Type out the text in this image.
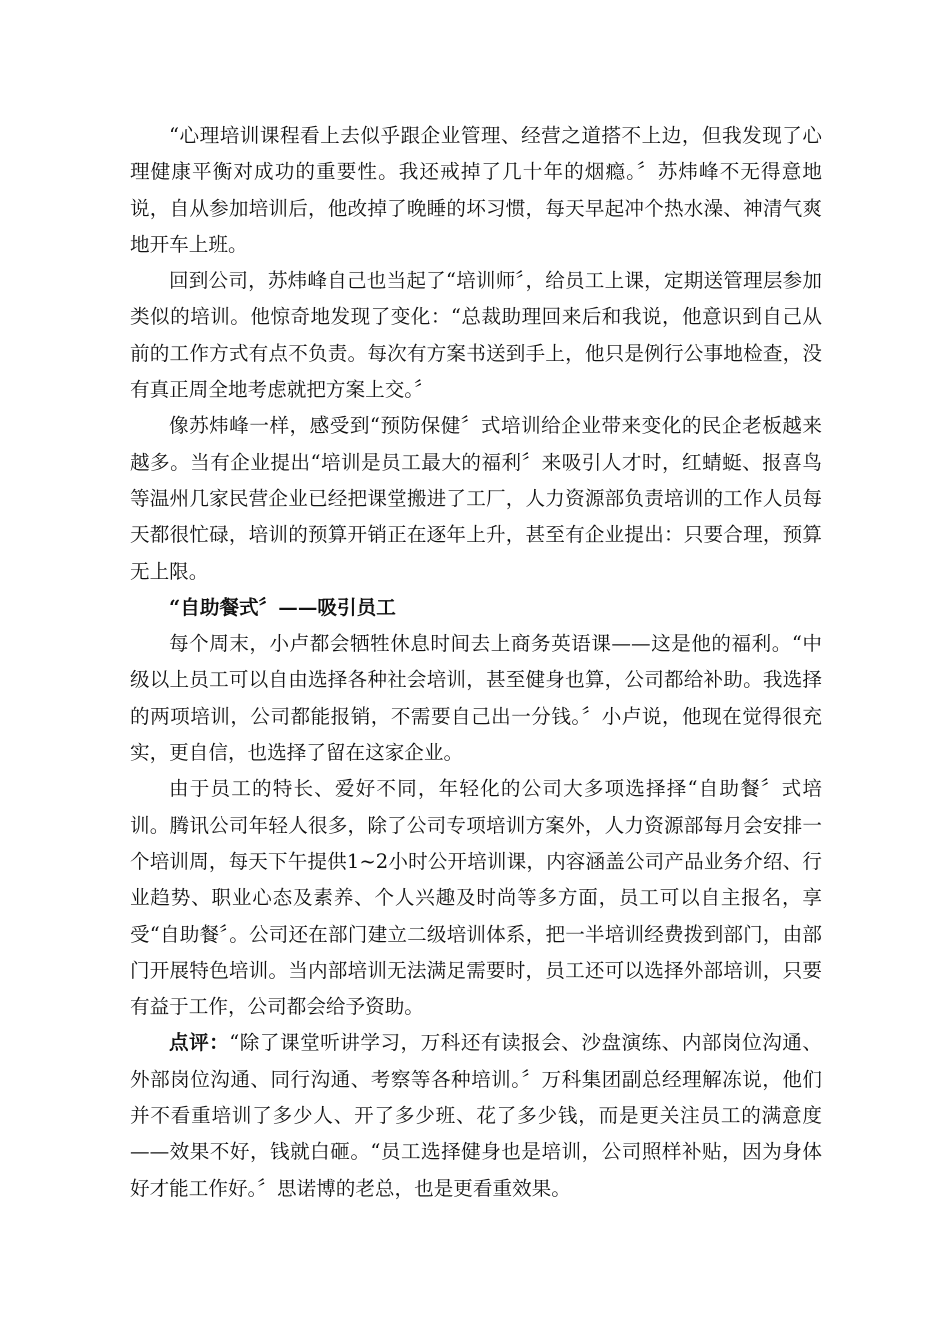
“心理培训课程看上去似乎跟企业管理、经营之道搭不上边，但我发现了心理健康平衡对成功的重要性。我还戒掉了几十年的烟瘾。〞苏炜峰不无得意地说，自从参加培训后，他改掉了晚睡的坏习惯，每天早起冲个热水澡、神清气爽地开车上班。

回到公司，苏炜峰自己也当起了“培训师〞，给员工上课，定期送管理层参加类似的培训。他惊奇地发现了变化：“总裁助理回来后和我说，他意识到自己从前的工作方式有点不负责。每次有方案书送到手上，他只是例行公事地检查，没有真正周全地考虑就把方案上交。〞

像苏炜峰一样，感受到“预防保健〞式培训给企业带来变化的民企老板越来越多。当有企业提出“培训是员工最大的福利〞来吸引人才时，红蜻蜓、报喜鸟等温州几家民营企业已经把课堂搬进了工厂，人力资源部负责培训的工作人员每天都很忙碌，培训的预算开销正在逐年上升，甚至有企业提出：只要合理，预算无上限。

“自助餐式〞——吸引员工

每个周末，小卢都会牺牲休息时间去上商务英语课——这是他的福利。“中级以上员工可以自由选择各种社会培训，甚至健身也算，公司都给补助。我选择的两项培训，公司都能报销，不需要自己出一分钱。〞小卢说，他现在觉得很充实，更自信，也选择了留在这家企业。

由于员工的特长、爱好不同，年轻化的公司大多项选择择“自助餐〞式培训。腾讯公司年轻人很多，除了公司专项培训方案外，人力资源部每月会安排一个培训周，每天下午提供1~2小时公开培训课，内容涵盖公司产品业务介绍、行业趋势、职业心态及素养、个人兴趣及时尚等多方面，员工可以自主报名，享受“自助餐〞。公司还在部门建立二级培训体系，把一半培训经费拨到部门，由部门开展特色培训。当内部培训无法满足需要时，员工还可以选择外部培训，只要有益于工作，公司都会给予资助。

点评：“除了课堂听讲学习，万科还有读报会、沙盘演练、内部岗位沟通、外部岗位沟通、同行沟通、考察等各种培训。〞万科集团副总经理解冻说，他们并不看重培训了多少人、开了多少班、花了多少钱，而是更关注员工的满意度——效果不好，钱就白砸。“员工选择健身也是培训，公司照样补贴，因为身体好才能工作好。〞思诺博的老总，也是更看重效果。
